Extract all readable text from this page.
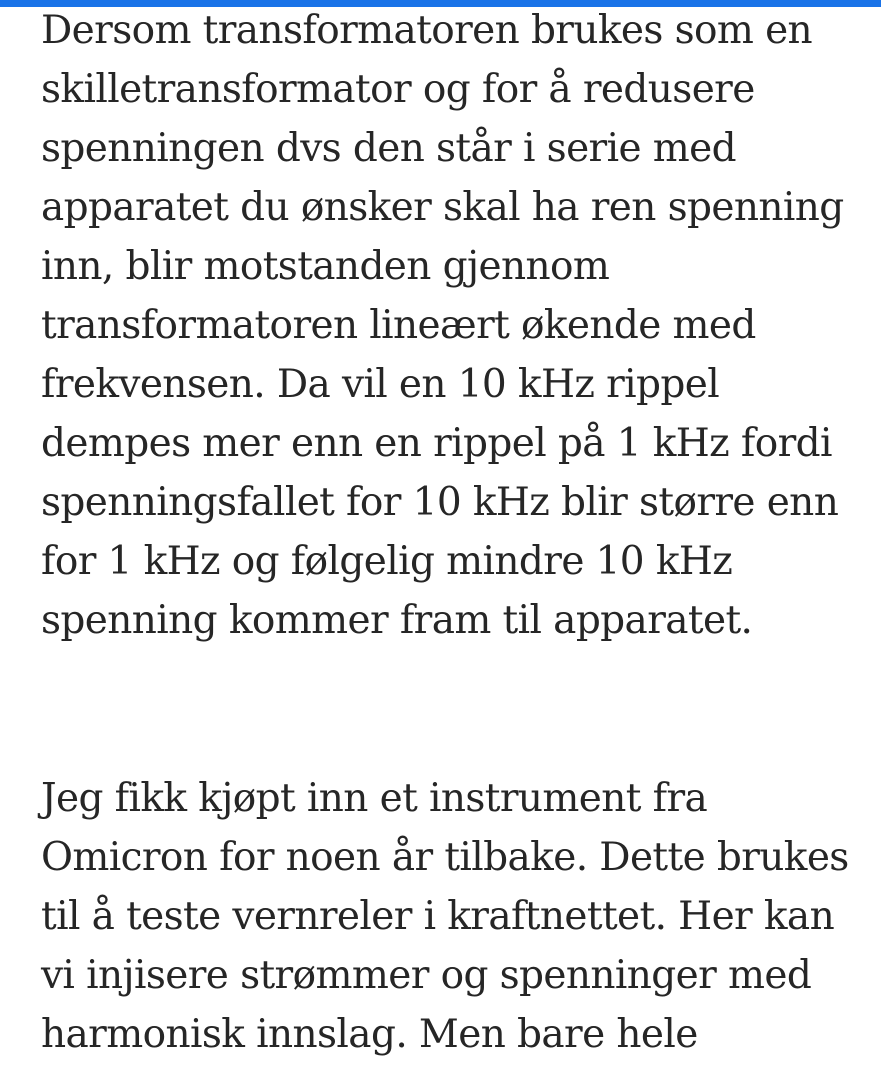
Dersom transformatoren brukes som en
skilletransformator og for å redusere
spenningen dvs den står i serie med
apparatet du ønsker skal ha ren spenning
inn, blir motstanden gjennom
transformatoren lineært økende med
frekvensen. Da vil en 10 kHz rippel
dempes mer enn en rippel på 1 kHz fordi
spenningsfallet for 10 kHz blir større enn
for 1 kHz og følgelig mindre 10 kHz
spenning kommer fram til apparatet.

Jeg fikk kjøpt inn et instrument fra
Omicron for noen år tilbake. Dette brukes
til å teste vernreler i kraftnettet. Her kan
vi injisere strømmer og spenninger med
harmonisk innslag. Men bare hele
